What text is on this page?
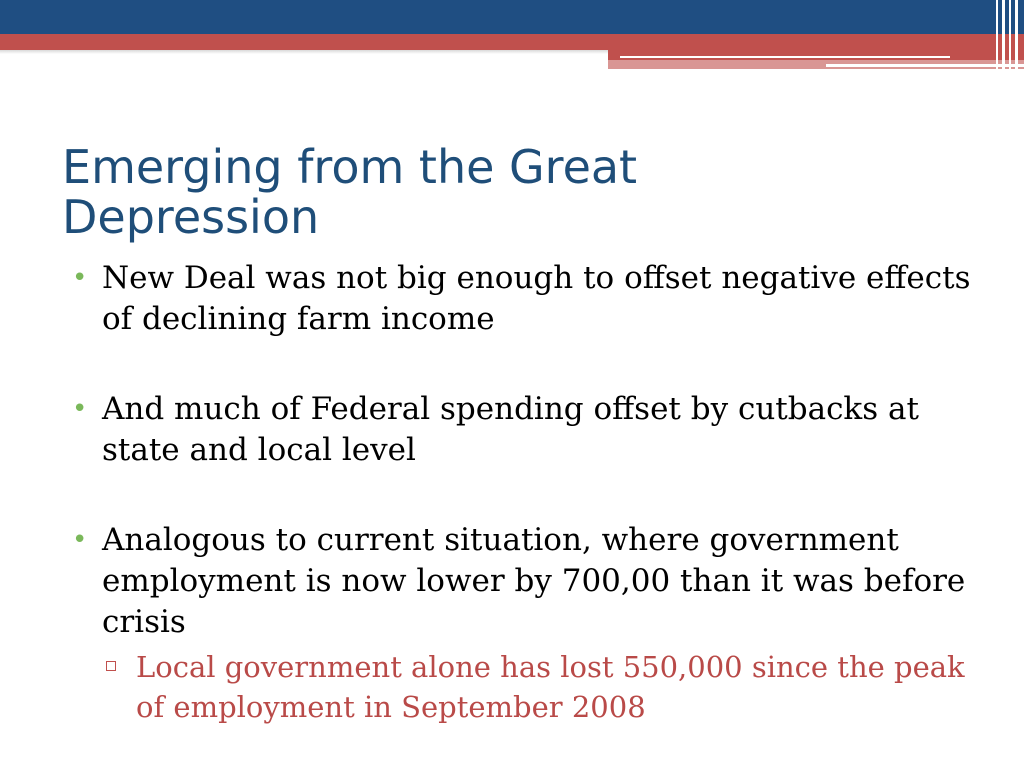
Emerging from the Great Depression
• New Deal was not big enough to offset negative effects of declining farm income
• And much of Federal spending offset by cutbacks at state and local level
• Analogous to current situation, where government employment is now lower by 700,00 than it was before crisis
Local government alone has lost 550,000 since the peak of employment in September 2008
